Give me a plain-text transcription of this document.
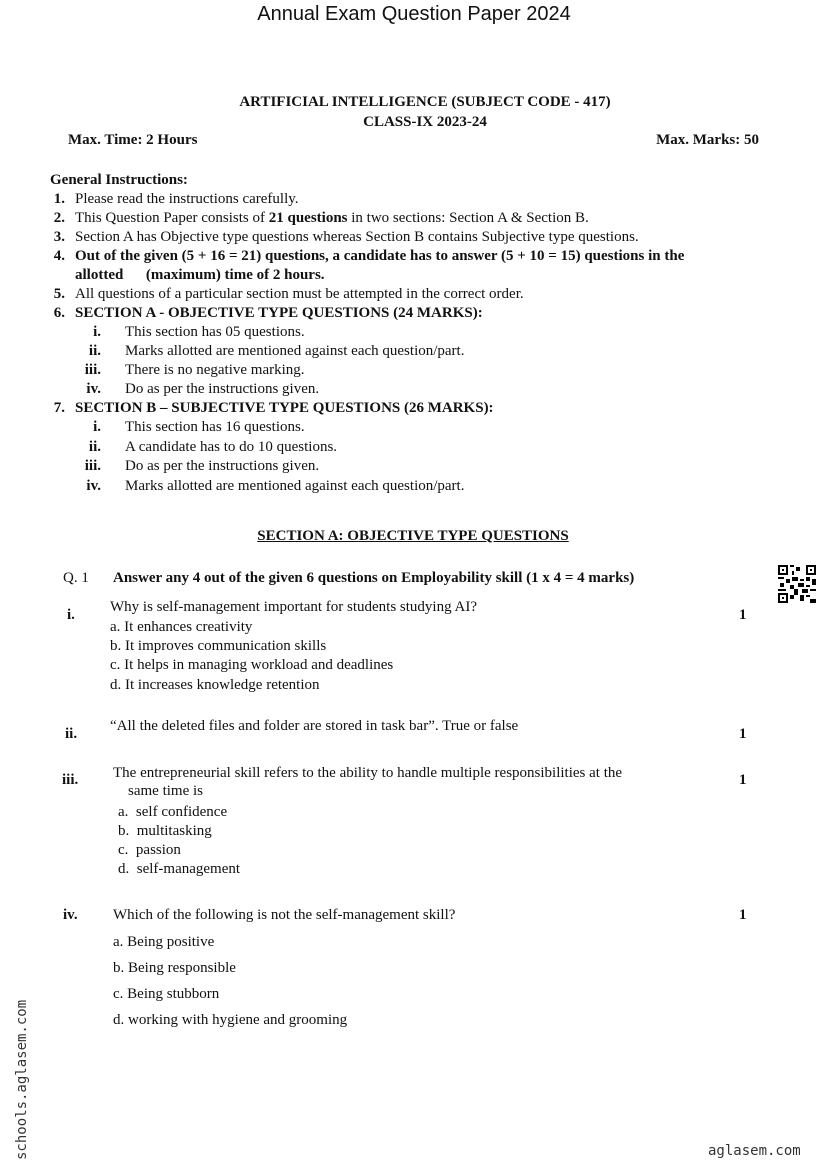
Annual Exam Question Paper 2024
ARTIFICIAL INTELLIGENCE (SUBJECT CODE - 417)
CLASS-IX 2023-24
Max. Time: 2 Hours	Max. Marks: 50
General Instructions:
1. Please read the instructions carefully.
2. This Question Paper consists of 21 questions in two sections: Section A & Section B.
3. Section A has Objective type questions whereas Section B contains Subjective type questions.
4. Out of the given (5 + 16 = 21) questions, a candidate has to answer (5 + 10 = 15) questions in the
allotted      (maximum) time of 2 hours.
5. All questions of a particular section must be attempted in the correct order.
6. SECTION A - OBJECTIVE TYPE QUESTIONS (24 MARKS):
i. This section has 05 questions.
ii. Marks allotted are mentioned against each question/part.
iii. There is no negative marking.
iv. Do as per the instructions given.
7. SECTION B – SUBJECTIVE TYPE QUESTIONS (26 MARKS):
i. This section has 16 questions.
ii. A candidate has to do 10 questions.
iii. Do as per the instructions given.
iv. Marks allotted are mentioned against each question/part.
SECTION A: OBJECTIVE TYPE QUESTIONS
Q. 1 Answer any 4 out of the given 6 questions on Employability skill (1 x 4 = 4 marks)
i. Why is self-management important for students studying AI?
a. It enhances creativity
b. It improves communication skills
c. It helps in managing workload and deadlines
d. It increases knowledge retention
1
ii. “All the deleted files and folder are stored in task bar”. True or false	1
iii. The entrepreneurial skill refers to the ability to handle multiple responsibilities at the
same time is
a.  self confidence
b.  multitasking
c.  passion
d.  self-management
1
iv. Which of the following is not the self-management skill?
a. Being positive
b. Being responsible
c. Being stubborn
d. working with hygiene and grooming
1
schools.aglasem.com	aglasem.com
